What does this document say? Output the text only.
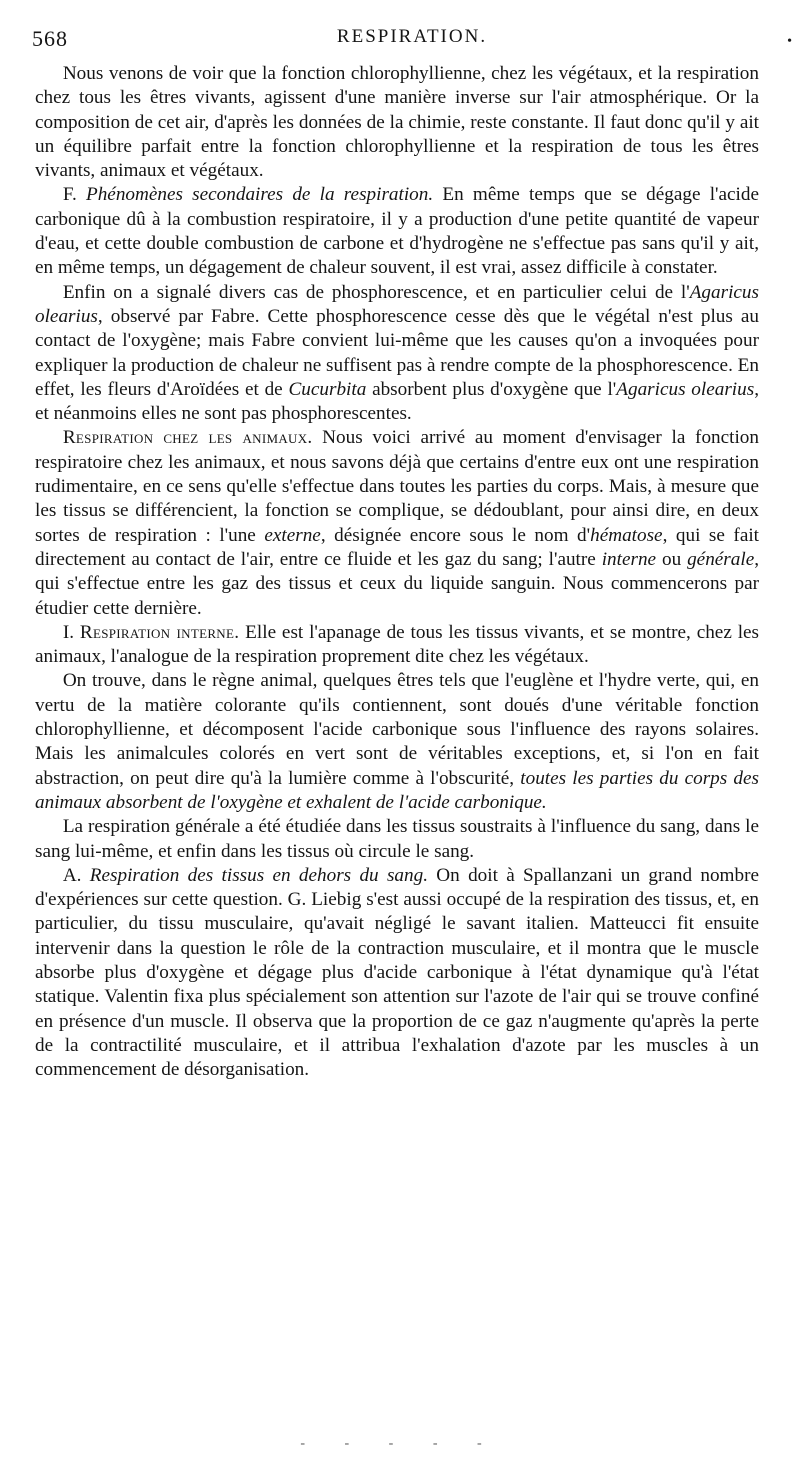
568	RESPIRATION.	•

Nous venons de voir que la fonction chlorophyllienne, chez les végétaux, et la respiration chez tous les êtres vivants, agissent d'une manière inverse sur l'air atmosphérique. Or la composition de cet air, d'après les données de la chimie, reste constante. Il faut donc qu'il y ait un équilibre parfait entre la fonction chlorophyllienne et la respiration de tous les êtres vivants, animaux et végétaux.

F. Phénomènes secondaires de la respiration. En même temps que se dégage l'acide carbonique dû à la combustion respiratoire, il y a production d'une petite quantité de vapeur d'eau, et cette double combustion de carbone et d'hydrogène ne s'effectue pas sans qu'il y ait, en même temps, un dégagement de chaleur souvent, il est vrai, assez difficile à constater.

Enfin on a signalé divers cas de phosphorescence, et en particulier celui de l'Agaricus olearius, observé par Fabre. Cette phosphorescence cesse dès que le végétal n'est plus au contact de l'oxygène; mais Fabre convient lui-même que les causes qu'on a invoquées pour expliquer la production de chaleur ne suffisent pas à rendre compte de la phosphorescence. En effet, les fleurs d'Aroïdées et de Cucurbita absorbent plus d'oxygène que l'Agaricus olearius, et néanmoins elles ne sont pas phosphorescentes.

Respiration chez les animaux. Nous voici arrivé au moment d'envisager la fonction respiratoire chez les animaux, et nous savons déjà que certains d'entre eux ont une respiration rudimentaire, en ce sens qu'elle s'effectue dans toutes les parties du corps. Mais, à mesure que les tissus se différencient, la fonction se complique, se dédoublant, pour ainsi dire, en deux sortes de respiration : l'une externe, désignée encore sous le nom d'hématose, qui se fait directement au contact de l'air, entre ce fluide et les gaz du sang; l'autre interne ou générale, qui s'effectue entre les gaz des tissus et ceux du liquide sanguin. Nous commencerons par étudier cette dernière.

I. Respiration interne. Elle est l'apanage de tous les tissus vivants, et se montre, chez les animaux, l'analogue de la respiration proprement dite chez les végétaux.

On trouve, dans le règne animal, quelques êtres tels que l'euglène et l'hydre verte, qui, en vertu de la matière colorante qu'ils contiennent, sont doués d'une véritable fonction chlorophyllienne, et décomposent l'acide carbonique sous l'influence des rayons solaires. Mais les animalcules colorés en vert sont de véritables exceptions, et, si l'on en fait abstraction, on peut dire qu'à la lumière comme à l'obscurité, toutes les parties du corps des animaux absorbent de l'oxygène et exhalent de l'acide carbonique.

La respiration générale a été étudiée dans les tissus soustraits à l'influence du sang, dans le sang lui-même, et enfin dans les tissus où circule le sang.

A. Respiration des tissus en dehors du sang. On doit à Spallanzani un grand nombre d'expériences sur cette question. G. Liebig s'est aussi occupé de la respiration des tissus, et, en particulier, du tissu musculaire, qu'avait négligé le savant italien. Matteucci fit ensuite intervenir dans la question le rôle de la contraction musculaire, et il montra que le muscle absorbe plus d'oxygène et dégage plus d'acide carbonique à l'état dynamique qu'à l'état statique. Valentin fixa plus spécialement son attention sur l'azote de l'air qui se trouve confiné en présence d'un muscle. Il observa que la proportion de ce gaz n'augmente qu'après la perte de la contractilité musculaire, et il attribua l'exhalation d'azote par les muscles à un commencement de désorganisation.

- - - - -
